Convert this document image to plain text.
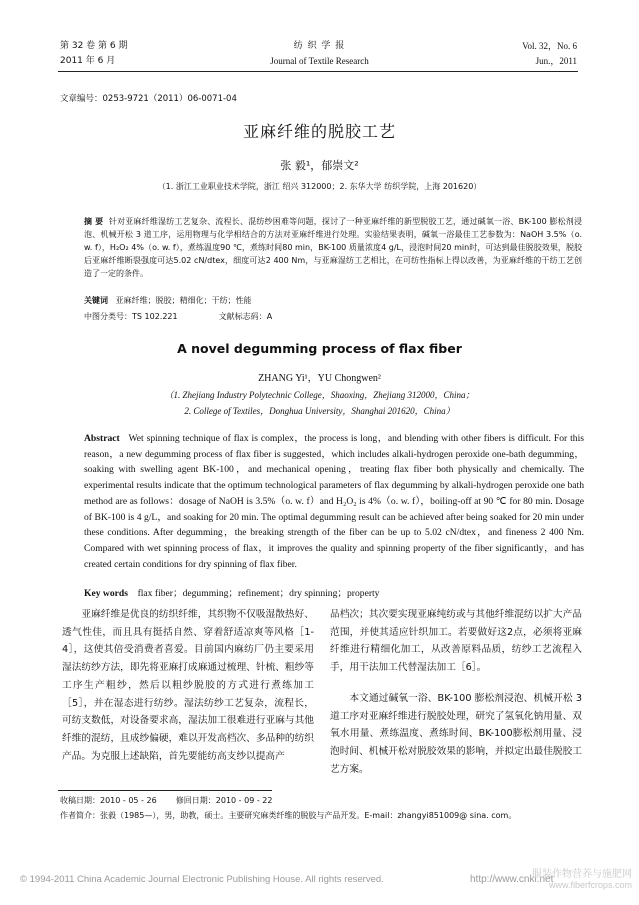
第 32 卷 第 6 期
2011 年 6 月
纺 织 学 报
Journal of Textile Research
Vol. 32，No. 6
Jun.，2011
文章编号：0253-9721（2011）06-0071-04
亚麻纤维的脱胶工艺
张 毅¹，郁崇文²
（1. 浙江工业职业技术学院，浙江 绍兴 312000；2. 东华大学 纺织学院，上海 201620）
摘 要 针对亚麻纤维湿纺工艺复杂、流程长、混纺纱困难等问题，探讨了一种亚麻纤维的新型脱胶工艺，通过碱氧一浴、BK-100 膨松剂浸泡、机械开松 3 道工序，运用物理与化学相结合的方法对亚麻纤维进行处理。实验结果表明，碱氧一浴最佳工艺参数为：NaOH 3.5%（o. w. f），H₂O₂ 4%（o. w. f），煮练温度90 ℃，煮练时间80 min，BK-100 质量浓度4 g/L，浸泡时间20 min时，可达到最佳脱胶效果，脱胶后亚麻纤维断裂强度可达5.02 cN/dtex，细度可达2 400 Nm，与亚麻湿纺工艺相比，在可纺性指标上得以改善，为亚麻纤维的干纺工艺创造了一定的条件。
关键词 亚麻纤维；脱胶；精细化；干纺；性能
中图分类号：TS 102.221	文献标志码：A
A novel degumming process of flax fiber
ZHANG Yi¹，YU Chongwen²
（1. Zhejiang Industry Polytechnic College，Shaoxing，Zhejiang 312000，China；
2. College of Textiles，Donghua University，Shanghai 201620，China）
Abstract Wet spinning technique of flax is complex，the process is long，and blending with other fibers is difficult. For this reason，a new degumming process of flax fiber is suggested，which includes alkali-hydrogen peroxide one-bath degumming，soaking with swelling agent BK-100，and mechanical opening，treating flax fiber both physically and chemically. The experimental results indicate that the optimum technological parameters of flax degumming by alkali-hydrogen peroxide one bath method are as follows：dosage of NaOH is 3.5%（o. w. f）and H₂O₂ is 4%（o. w. f），boiling-off at 90 ℃ for 80 min. Dosage of BK-100 is 4 g/L，and soaking for 20 min. The optimal degumming result can be achieved after being soaked for 20 min under these conditions. After degumming，the breaking strength of the fiber can be up to 5.02 cN/dtex，and fineness 2 400 Nm. Compared with wet spinning process of flax，it improves the quality and spinning property of the fiber significantly，and has created certain conditions for dry spinning of flax fiber.
Key words flax fiber；degumming；refinement；dry spinning；property
亚麻纤维是优良的纺织纤维，其织物不仅吸湿散热好、透气性佳，而且具有挺括自然、穿着舒适凉爽等风格［1-4］，这使其倍受消费者喜爱。目前国内麻纺厂仍主要采用湿法纺纱方法，即先将亚麻打成麻通过梳理、针梳、粗纱等工序生产粗纱，然后以粗纱脱胶的方式进行煮练加工［5］，并在湿态进行纺纱。湿法纺纱工艺复杂，流程长，可纺支数低，对设备要求高，湿法加工很难进行亚麻与其他纤维的混纺，且成纱偏硬，难以开发高档次、多品种的纺织产品。为克服上述缺陷，首先要能纺高支纱以提高产
品档次；其次要实现亚麻纯纺或与其他纤维混纺以扩大产品范围，并使其适应针织加工。若要做好这2点，必须将亚麻纤维进行精细化加工，从改善原料品质，纺纱工艺流程入手，用干法加工代替湿法加工［6］。
本文通过碱氧一浴、BK-100 膨松剂浸泡、机械开松 3 道工序对亚麻纤维进行脱胶处理，研究了氢氧化钠用量、双氧水用量、煮练温度、煮练时间、BK-100膨松剂用量、浸泡时间、机械开松对脱胶效果的影响，并拟定出最佳脱胶工艺方案。
收稿日期：2010 - 05 - 26 修回日期：2010 - 09 - 22
作者简介：张毅（1985—），男，助教，硕士。主要研究麻类纤维的脱胶与产品开发。E-mail：zhangyi851009@ sina. com。
© 1994-2011 China Academic Journal Electronic Publishing House. All rights reserved.	http://www.cnki.net
服装作物营养与施肥网
www.fiberfcrops.com
